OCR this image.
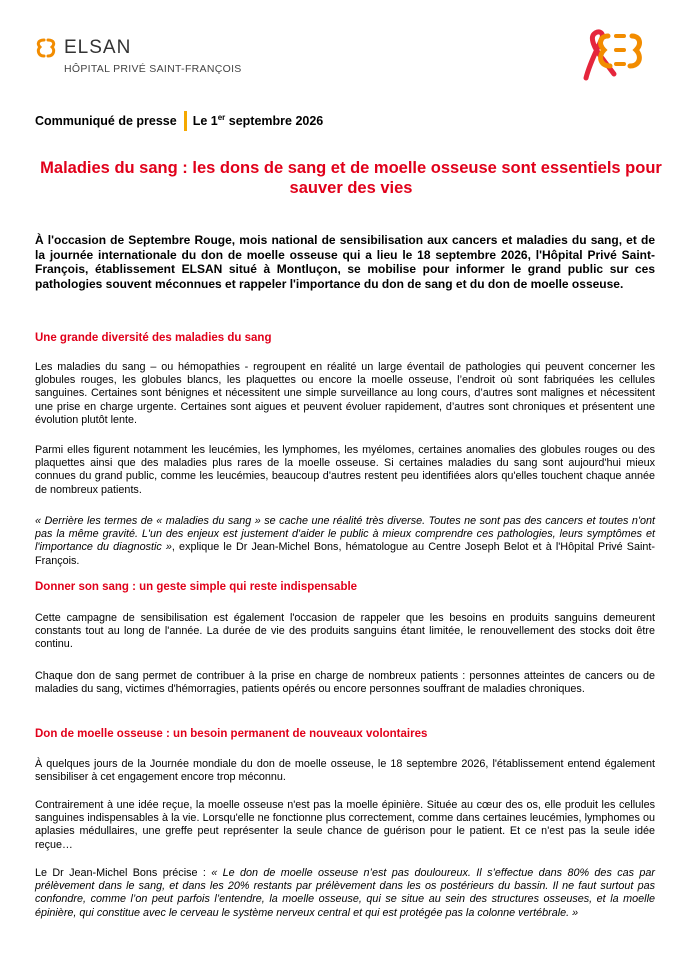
ELSAN
HÔPITAL PRIVÉ SAINT-FRANÇOIS
Communiqué de presse Le 1er septembre 2026
Maladies du sang : les dons de sang et de moelle osseuse sont essentiels pour sauver des vies

À l'occasion de Septembre Rouge, mois national de sensibilisation aux cancers et maladies du sang, et de la journée internationale du don de moelle osseuse qui a lieu le 18 septembre 2026, l'Hôpital Privé Saint-François, établissement ELSAN situé à Montluçon, se mobilise pour informer le grand public sur ces pathologies souvent méconnues et rappeler l'importance du don de sang et du don de moelle osseuse.

Une grande diversité des maladies du sang

Les maladies du sang – ou hémopathies - regroupent en réalité un large éventail de pathologies qui peuvent concerner les globules rouges, les globules blancs, les plaquettes ou encore la moelle osseuse, l’endroit où sont fabriquées les cellules sanguines. Certaines sont bénignes et nécessitent une simple surveillance au long cours, d’autres sont malignes et nécessitent une prise en charge urgente. Certaines sont aigues et peuvent évoluer rapidement, d’autres sont chroniques et présentent une évolution plutôt lente.

Parmi elles figurent notamment les leucémies, les lymphomes, les myélomes, certaines anomalies des globules rouges ou des plaquettes ainsi que des maladies plus rares de la moelle osseuse. Si certaines maladies du sang sont aujourd'hui mieux connues du grand public, comme les leucémies, beaucoup d'autres restent peu identifiées alors qu'elles touchent chaque année de nombreux patients.

« Derrière les termes de « maladies du sang » se cache une réalité très diverse. Toutes ne sont pas des cancers et toutes n'ont pas la même gravité. L'un des enjeux est justement d'aider le public à mieux comprendre ces pathologies, leurs symptômes et l'importance du diagnostic », explique le Dr Jean-Michel Bons, hématologue au Centre Joseph Belot et à l'Hôpital Privé Saint-François.

Donner son sang : un geste simple qui reste indispensable

Cette campagne de sensibilisation est également l'occasion de rappeler que les besoins en produits sanguins demeurent constants tout au long de l'année. La durée de vie des produits sanguins étant limitée, le renouvellement des stocks doit être continu.

Chaque don de sang permet de contribuer à la prise en charge de nombreux patients : personnes atteintes de cancers ou de maladies du sang, victimes d'hémorragies, patients opérés ou encore personnes souffrant de maladies chroniques.

Don de moelle osseuse : un besoin permanent de nouveaux volontaires

À quelques jours de la Journée mondiale du don de moelle osseuse, le 18 septembre 2026, l'établissement entend également sensibiliser à cet engagement encore trop méconnu.

Contrairement à une idée reçue, la moelle osseuse n'est pas la moelle épinière. Située au cœur des os, elle produit les cellules sanguines indispensables à la vie. Lorsqu'elle ne fonctionne plus correctement, comme dans certaines leucémies, lymphomes ou aplasies médullaires, une greffe peut représenter la seule chance de guérison pour le patient. Et ce n'est pas la seule idée reçue…

Le Dr Jean-Michel Bons précise : « Le don de moelle osseuse n’est pas douloureux. Il s’effectue dans 80% des cas par prélèvement dans le sang, et dans les 20% restants par prélèvement dans les os postérieurs du bassin. Il ne faut surtout pas confondre, comme l’on peut parfois l’entendre, la moelle osseuse, qui se situe au sein des structures osseuses, et la moelle épinière, qui constitue avec le cerveau le système nerveux central et qui est protégée pas la colonne vertébrale. »
